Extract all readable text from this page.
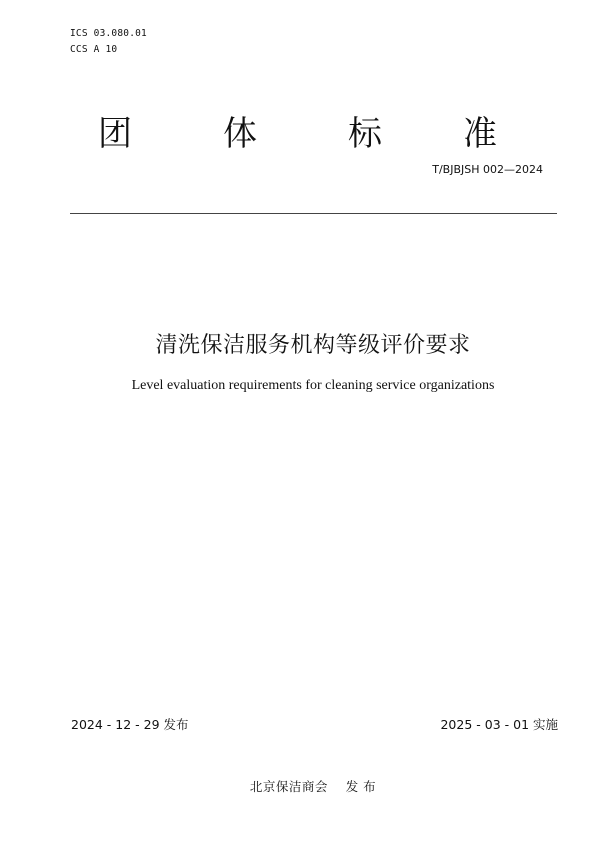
ICS 03.080.01
CCS A 10
团	体	标 准
T/BJBJSH 002—2024
清洗保洁服务机构等级评价要求
Level evaluation requirements for cleaning service organizations
2024 - 12 - 29 发布	2025 - 03 - 01 实施
北京保洁商会    发 布
